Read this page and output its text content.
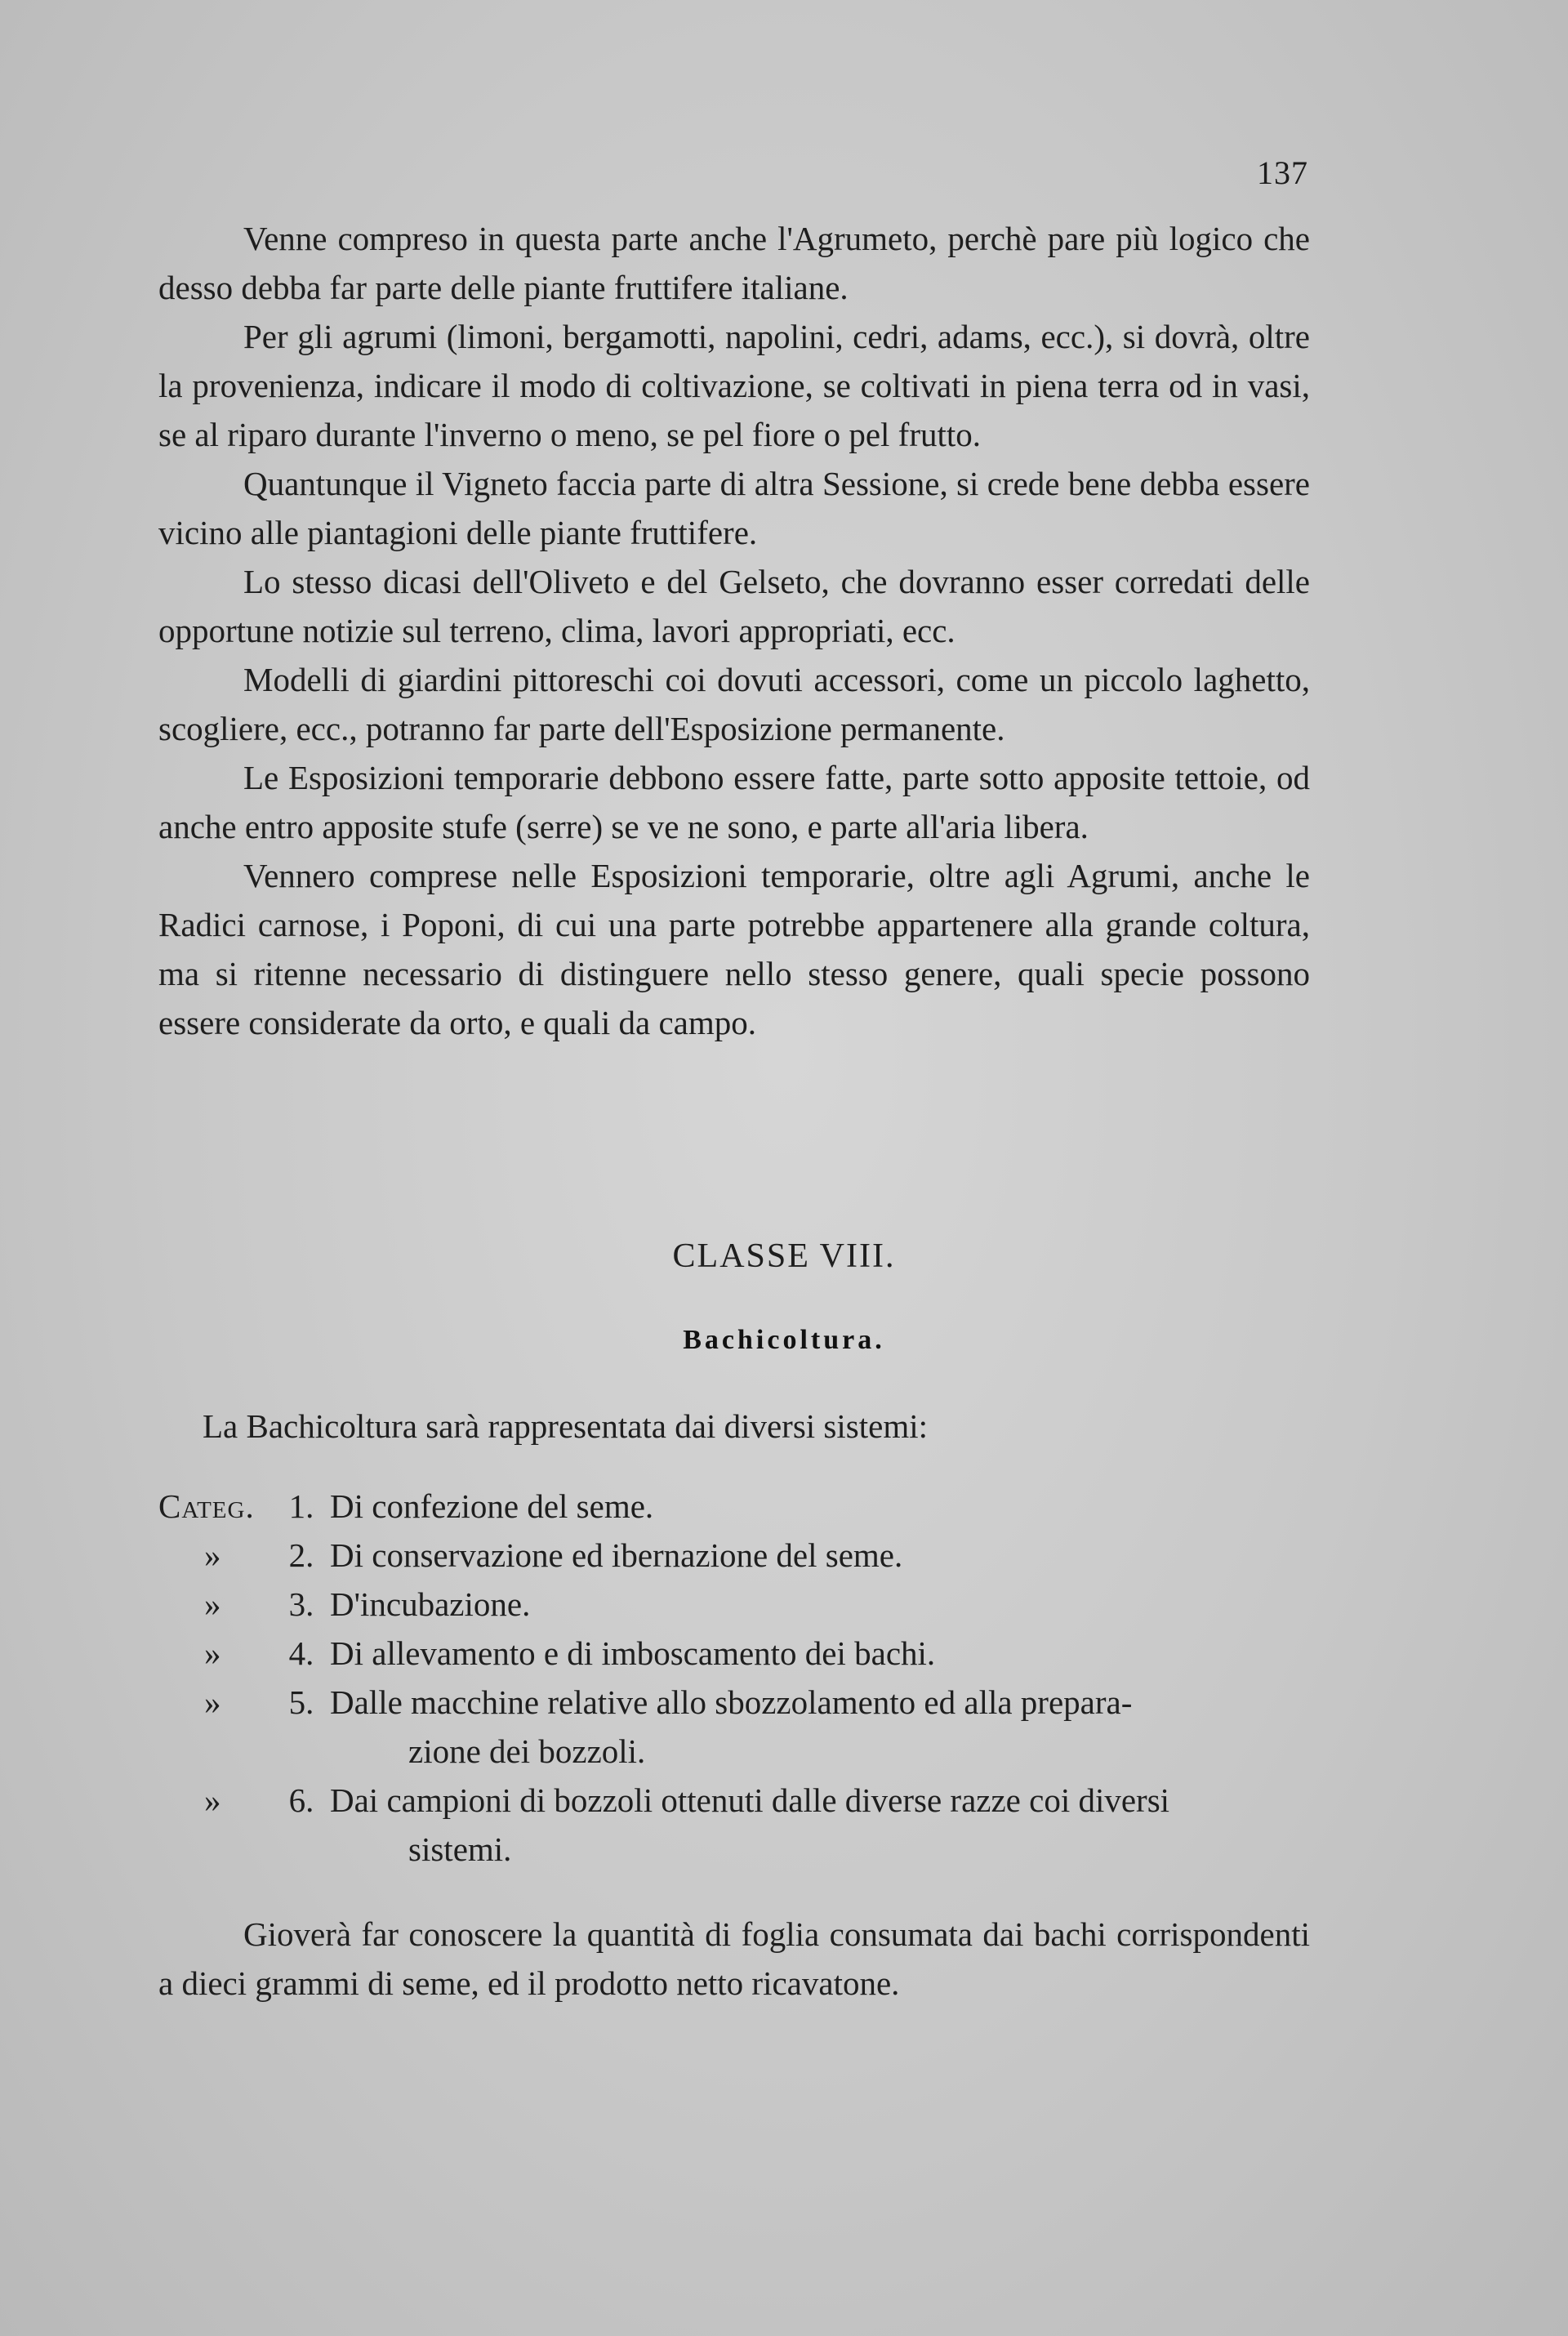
137

Venne compreso in questa parte anche l'Agrumeto, perchè pare più logico che desso debba far parte delle piante fruttifere italiane.

Per gli agrumi (limoni, bergamotti, napolini, cedri, adams, ecc.), si dovrà, oltre la provenienza, indicare il modo di coltivazione, se coltivati in piena terra od in vasi, se al riparo durante l'inverno o meno, se pel fiore o pel frutto.

Quantunque il Vigneto faccia parte di altra Sessione, si crede bene debba essere vicino alle piantagioni delle piante fruttifere.

Lo stesso dicasi dell'Oliveto e del Gelseto, che dovranno esser corredati delle opportune notizie sul terreno, clima, lavori appropriati, ecc.

Modelli di giardini pittoreschi coi dovuti accessori, come un piccolo laghetto, scogliere, ecc., potranno far parte dell'Esposizione permanente.

Le Esposizioni temporarie debbono essere fatte, parte sotto apposite tettoie, od anche entro apposite stufe (serre) se ve ne sono, e parte all'aria libera.

Vennero comprese nelle Esposizioni temporarie, oltre agli Agrumi, anche le Radici carnose, i Poponi, di cui una parte potrebbe appartenere alla grande coltura, ma si ritenne necessario di distinguere nello stesso genere, quali specie possono essere considerate da orto, e quali da campo.

CLASSE VIII.
Bachicoltura.
La Bachicoltura sarà rappresentata dai diversi sistemi:
Categ.	1. Di confezione del seme.
»	2. Di conservazione ed ibernazione del seme.
»	3. D'incubazione.
»	4. Di allevamento e di imboscamento dei bachi.
»	5. Dalle macchine relative allo sbozzolamento ed alla prepara-
zione dei bozzoli.
»	6. Dai campioni di bozzoli ottenuti dalle diverse razze coi diversi
sistemi.

Gioverà far conoscere la quantità di foglia consumata dai bachi corrispondenti a dieci grammi di seme, ed il prodotto netto ricavatone.
